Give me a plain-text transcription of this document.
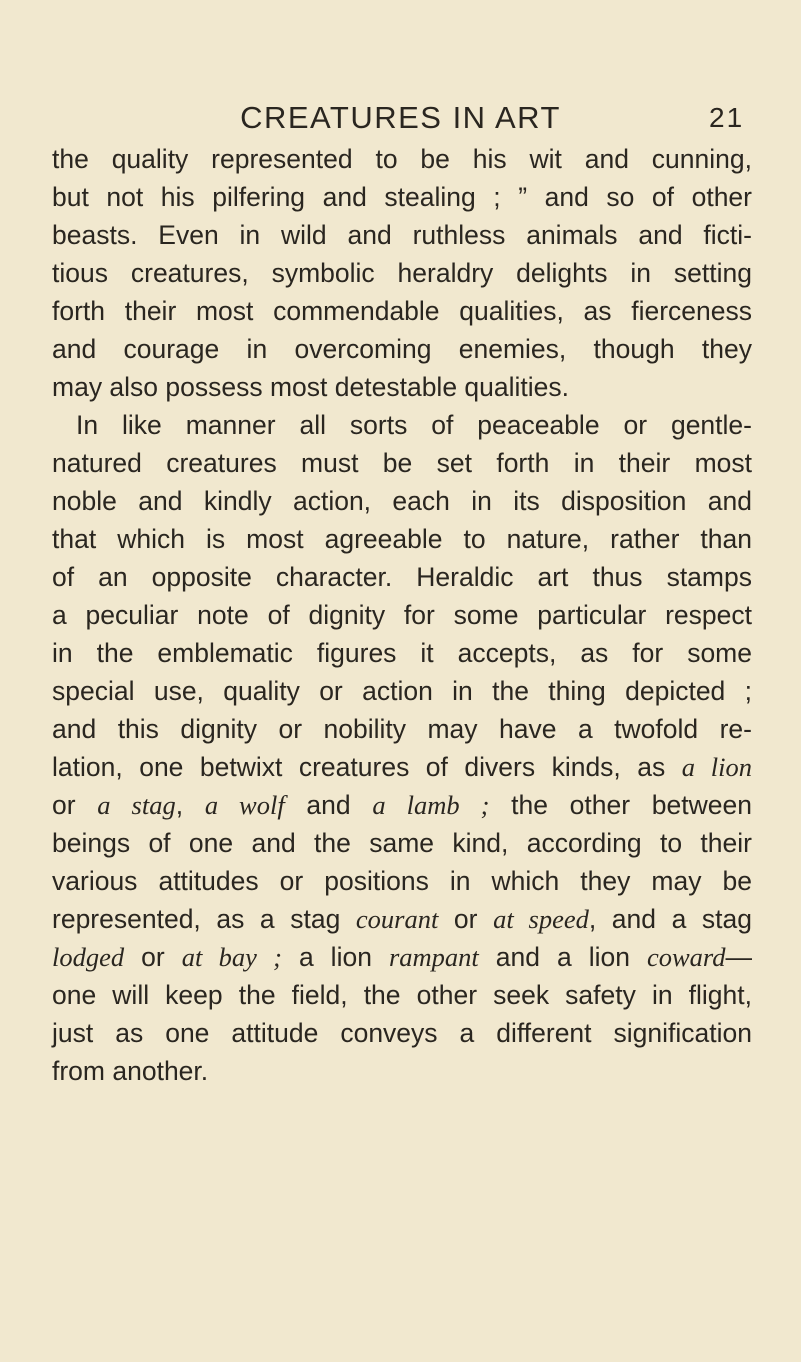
CREATURES IN ART	21
the quality represented to be his wit and cunning,
but not his pilfering and stealing ; ” and so of other
beasts. Even in wild and ruthless animals and ficti-
tious creatures, symbolic heraldry delights in setting
forth their most commendable qualities, as fierceness
and courage in overcoming enemies, though they
may also possess most detestable qualities.
In like manner all sorts of peaceable or gentle-
natured creatures must be set forth in their most
noble and kindly action, each in its disposition and
that which is most agreeable to nature, rather than
of an opposite character. Heraldic art thus stamps
a peculiar note of dignity for some particular respect
in the emblematic figures it accepts, as for some
special use, quality or action in the thing depicted ;
and this dignity or nobility may have a twofold re-
lation, one betwixt creatures of divers kinds, as a lion
or a stag, a wolf and a lamb ; the other between
beings of one and the same kind, according to their
various attitudes or positions in which they may be
represented, as a stag courant or at speed, and a stag
lodged or at bay ; a lion rampant and a lion coward—
one will keep the field, the other seek safety in flight,
just as one attitude conveys a different signification
from another.
